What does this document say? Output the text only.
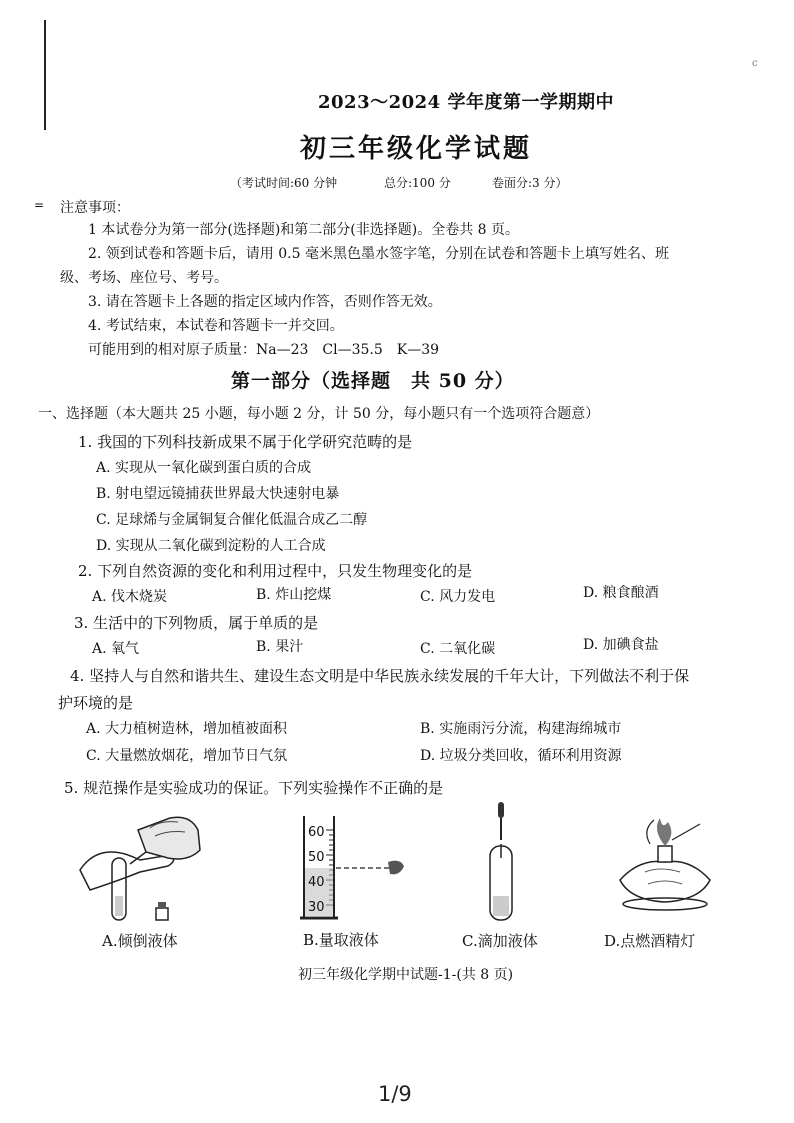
c
2023～2024 学年度第一学期期中
初三年级化学试题
（考试时间:60 分钟	总分:100 分	卷面分:3 分）
= 注意事项：
1 本试卷分为第一部分(选择题)和第二部分(非选择题)。全卷共 8 页。
2. 领到试卷和答题卡后，请用 0.5 毫米黑色墨水签字笔，分别在试卷和答题卡上填写姓名、班
级、考场、座位号、考号。
3. 请在答题卡上各题的指定区域内作答，否则作答无效。
4. 考试结束，本试卷和答题卡一并交回。
可能用到的相对原子质量：Na—23　Cl—35.5　K—39
第一部分（选择题　共 50 分）
一、选择题（本大题共 25 小题，每小题 2 分，计 50 分，每小题只有一个选项符合题意）
1. 我国的下列科技新成果不属于化学研究范畴的是
A. 实现从一氧化碳到蛋白质的合成
B. 射电望远镜捕获世界最大快速射电暴
C. 足球烯与金属铜复合催化低温合成乙二醇
D. 实现从二氧化碳到淀粉的人工合成
2. 下列自然资源的变化和利用过程中，只发生物理变化的是
A. 伐木烧炭	B. 炸山挖煤	C. 风力发电	D. 粮食酿酒
3. 生活中的下列物质，属于单质的是
A. 氧气	B. 果汁	C. 二氧化碳	D. 加碘食盐
4. 坚持人与自然和谐共生、建设生态文明是中华民族永续发展的千年大计，下列做法不利于保
护环境的是
A. 大力植树造林，增加植被面积	B. 实施雨污分流，构建海绵城市
C. 大量燃放烟花，增加节日气氛	D. 垃圾分类回收，循环利用资源
5. 规范操作是实验成功的保证。下列实验操作不正确的是
60
50
40
30
A.倾倒液体	B.量取液体	C.滴加液体	D.点燃酒精灯
初三年级化学期中试题-1-(共 8 页)
1/9
